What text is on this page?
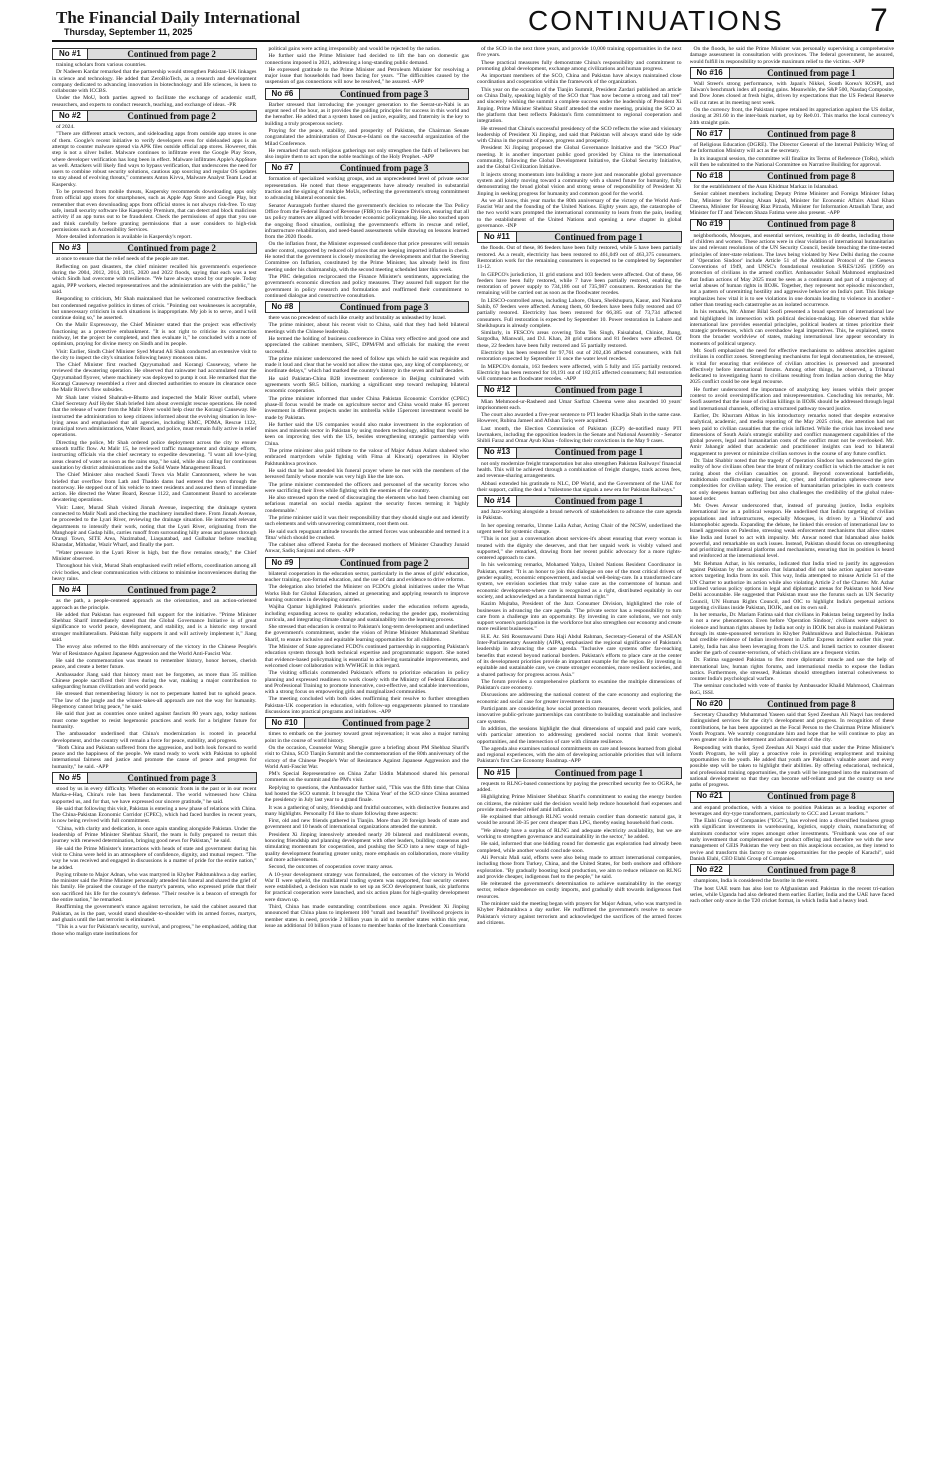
The Financial Daily International
Thursday, September 11, 2025	CONTINUATIONS	7
No #1	Continued from page 2

training scholars from various countries.

Dr Nadeem Kardar remarked that the partnership would strengthen Pakistan-UK linkages in science and technology. He added that ZeroBioTech, as a research and development company dedicated to advancing innovation in biotechnology and life sciences, is keen to collaborate with ICCBS.

Under the MoU, both parties agreed to facilitate the exchange of academic staff, researchers, and experts to conduct research, teaching, and exchange of ideas. -PR

No #2	Continued from page 2

of 2024.

"There are different attack vectors, and sideloading apps from outside app stores is one of them. Google's recent initiative to verify developers even for sideloaded apps is an attempt to counter malware spread via APK files outside official app stores. However, this step is not a silver bullet. Malware continues to infiltrate even the Google Play Store, where developer verification has long been in effect. Malware infiltrates Apple's AppStore as well. Attackers will likely find ways to bypass verification, that underscores the need for users to combine robust security solutions, cautious app sourcing and regular OS updates to stay ahead of evolving threats," comments Anton Kivva, Malware Analyst Team Lead at Kaspersky.

To be protected from mobile threats, Kaspersky recommends downloading apps only from official app stores for smartphones, such as Apple App Store and Google Play, but remember that even downloading apps from official stores is not always risk-free. To stay safe, install security software like Kaspersky Premium, that can detect and block malicious activity if an app turns out to be fraudulent. Check the permissions of apps that you use and think carefully before granting permissions that a user considers to high-risk permissions such as Accessibility Services.

More detailed information is available in Kaspersky's report.

No #3	Continued from page 2

at once to ensure that the relief needs of the people are met.

Reflecting on past disasters, the chief minister recalled his government's experience during the 2004, 2012, 2014, 2015, 2020 and 2022 floods, saying that each was a test which Sindh had overcome with resilience. "We have always stood by our people. Today again, PPP workers, elected representatives and the administration are with the public," he said.

Responding to criticism, Mr Shah maintained that he welcomed constructive feedback but condemned negative politics in times of crisis. "Pointing out weaknesses is acceptable, but unnecessary criticism in such situations is inappropriate. My job is to serve, and I will continue doing so," he asserted.

On the Malir Expressway, the Chief Minister stated that the project was effectively functioning as a protective embankment. "It is not right to criticise its construction midway, let the project be completed, and then evaluate it," he concluded with a note of optimism, praying for divine mercy on Sindh and its people.

Visit: Earlier, Sindh Chief Minister Syed Murad Ali Shah conducted an extensive visit to the city to inspect the city's situation following heavy monsoon rains.

The Chief Minister first reached Qayyumabad and Korangi Causeway, where he reviewed the dewatering operation. He observed that rainwater had accumulated near the Qayyumabad flyover, where machinery was deployed to pump it out. He remarked that the Korangi Causeway resembled a river and directed authorities to ensure its clearance once the Malir River's flow subsides.

Mr Shah later visited Shahrah-e-Bhutto and inspected the Malir River outfall, where Chief Secretary Asif Hyder Shah briefed him about overnight rescue operations. He noted that the release of water from the Malir River would help clear the Korangi Causeway. He instructed the administration to keep citizens informed about the evolving situation in low-lying areas and emphasised that all agencies, including KMC, PDMA, Rescue 1122, municipal town administrations, Water Board, and police, must remain fully active in relief operations.

Directing the police, Mr Shah ordered police deployment across the city to ensure smooth traffic flow. At Malir 15, he reviewed traffic management and drainage efforts, instructing officials via the chief secretary to expedite dewatering. "I want all low-lying areas cleared of water as soon as the rains stop," he said, while also calling for continuous sanitation by district administrations and the Solid Waste Management Board.

The Chief Minister also reached Saudi Town via Malir Cantonment, where he was briefed that overflow from Lath and Thaddo dams had entered the town through the motorway. He stepped out of his vehicle to meet residents and assured them of immediate action. He directed the Water Board, Rescue 1122, and Cantonment Board to accelerate dewatering operations.

Visit: Later, Murad Shah visited Jinnah Avenue, inspecting the drainage system connected to Malir Nadi and checking the machinery installed there. From Jinnah Avenue, he proceeded to the Lyari River, reviewing the drainage situation. He instructed relevant departments to intensify their work, noting that the Lyari River, originating from the Manghopir and Gadap hills, carries runoff from surrounding hilly areas and passes through Orangi Town, SITE Area, Nazimabad, Liaquatabad, and Gulbahar before reaching Kharadar, Mithadar, Wazir Wharf, and finally the port.

"Water pressure in the Lyari River is high, but the flow remains steady," the Chief Minister observed.

Throughout his visit, Murad Shah emphasised swift relief efforts, coordination among all civic bodies, and clear communication with citizens to minimise inconveniences during the heavy rains.

No #4	Continued from page 2

as the path, a people-centered approach as the orientation, and an action-oriented approach as the principle.

He added that Pakistan has expressed full support for the initiative. "Prime Minister Shehbaz Sharif immediately stated that the Global Governance Initiative is of great significance to world peace, development, and stability, and is a historic step toward stronger multilateralism. Pakistan fully supports it and will actively implement it," Jiang said.

The envoy also referred to the 80th anniversary of the victory in the Chinese People's War of Resistance Against Japanese Aggression and the World Anti-Fascist War.

He said the commemoration was meant to remember history, honor heroes, cherish peace, and create a better future.

Ambassador Jiang said that history must not be forgotten, as more than 35 million Chinese people sacrificed their lives during the war, making a major contribution to safeguarding human civilization and world peace.

He stressed that remembering history is not to perpetuate hatred but to uphold peace. "The law of the jungle and the winner-takes-all approach are not the way for humanity. Hegemony cannot bring peace," he said.

He said that just as countries once united against fascism 80 years ago, today nations must come together to resist hegemonic practices and work for a brighter future for humanity.

The ambassador underlined that China's modernization is rooted in peaceful development, and the country will remain a force for peace, stability, and progress.

"Both China and Pakistan suffered from the aggression, and both look forward to world peace and the happiness of the people. We stand ready to work with Pakistan to uphold international fairness and justice and promote the cause of peace and progress for humanity," he said. -APP

No #5	Continued from page 3

stood by us in every difficulty. Whether on economic fronts in the past or in our recent Marka-e-Haq, China's role has been fundamental. The world witnessed how China supported us, and for that, we have expressed our sincere gratitude," he said.

He said that following this visit, Pakistan is entering a new phase of relations with China. The China-Pakistan Economic Corridor (CPEC), which had faced hurdles in recent years, is now being revived with full commitment.

"China, with clarity and dedication, is once again standing alongside Pakistan. Under the leadership of Prime Minister Shehbaz Sharif, the team is fully prepared to restart this journey with renewed determination, bringing good news for Pakistan," he said.

He said the Prime Minister's interactions with heads of state and government during his visit to China were held in an atmosphere of confidence, dignity, and mutual respect. "The way he was received and engaged in discussions is a matter of pride for the entire nation," he added.

Paying tribute to Major Adnan, who was martyred in Khyber Pakhtunkhwa a day earlier, the minister said the Prime Minister personally attended his funeral and shared the grief of his family. He praised the courage of the martyr's parents, who expressed pride that their son sacrificed his life for the country's defense. "Their resolve is a beacon of strength for the entire nation," he remarked.

Reaffirming the government's stance against terrorism, he said the cabinet assured that Pakistan, as in the past, would stand shoulder-to-shoulder with its armed forces, martyrs, and ghazis until the last terrorist is eliminated.

"This is a war for Pakistan's security, survival, and progress," he emphasized, adding that those who malign state institutions for

political gains were acting irresponsibly and would be rejected by the nation.

He further said the Prime Minister had decided to lift the ban on domestic gas connections imposed in 2021, addressing a long-standing public demand.

He expressed gratitude to the Prime Minister and Petroleum Minister for resolving a major issue that households had been facing for years. "The difficulties caused by the suspension of gas connections will now be resolved," he assured. -APP

No #6	Continued from page 3

Barber stressed that introducing the younger generation to the Seerat-un-Nabi is an urgent need of the hour, as it provides the guiding principles for success in this world and the hereafter. He added that a system based on justice, equality, and fraternity is the key to building a truly prosperous society.

Praying for the peace, stability, and prosperity of Pakistan, the Chairman Senate congratulated the administration of Dawat-e-Islami on the successful organization of the Milad Conference.

He remarked that such religious gatherings not only strengthen the faith of believers but also inspire them to act upon the noble teachings of the Holy Prophet. -APP

No #7	Continued from page 3

formation of specialized working groups, and an unprecedented level of private sector representation. He noted that these engagements have already resulted in substantial traction and the signing of multiple MoUs, reflecting the government's strong commitment to advancing bilateral economic ties.

Senator Aurangzeb further shared the government's decision to relocate the Tax Policy Office from the Federal Board of Revenue (FBR) to the Finance Division, ensuring that all tax policy matters are aligned with broader economic policymaking. He also touched upon the ongoing flood situation, outlining the government's efforts in rescue and relief, infrastructure rehabilitation, and need-based assessments while drawing on lessons learned from the 2020 floods.

On the inflation front, the Minister expressed confidence that price pressures will remain under control, supported by reduced oil prices that are keeping imported inflation in check. He noted that the government is closely monitoring the developments and that the Steering Committee on Inflation, constituted by the Prime Minister, has already held its first meeting under his chairmanship, with the second meeting scheduled later this week.

The PBC delegation reciprocated the Finance Minister's sentiments, appreciating the government's economic direction and policy measures. They assured full support for the government in policy research and formulation and reaffirmed their commitment to continued dialogue and constructive consultation.

No #8	Continued from page 3

there was no precedent of such like cruelty and brutality as unleashed by Israel.

The prime minister, about his recent visit to China, said that they had held bilateral meetings with the Chinese leadership.

He termed the holding of business conference in China very effective and good one and appreciated the cabinet members, SIFC, DPM/FM and officials for making the event successful.

The prime minister underscored the need of follow ups which he said was requisite and made it loud and clear that he would not allow the status quo, any king of complacency, or inordinate delays," which had marked the country's history in the seven and half decades.

He said Pakistan-China B2B investment conference in Beijing culminated with agreements worth $8.5 billion, marking a significant step toward reshaping bilateral economic cooperation.

The prime minister informed that under China Pakistan Economic Corridor (CPEC) phase-II focus would be made on agriculture sector and China would make 85 percent investment in different projects under its umbrella while 15percent investment would be made by Pakistan.

He further said the US companies would also make investment in the exploration of mines and minerals sector in Pakistan by using modern technology, adding that they were keen on improving ties with the US, besides strengthening strategic partnership with China.

The prime minister also paid tribute to the valour of Major Adnan Aslam shaheed who embraced martyrdom while fighting with Fitna al Khwarij operatives in Khyber Pakhtunkhwa province.

He said that he had attended his funeral prayer where he met with the members of the bereaved family whose morale was very high like the late son.

The prime minister commended the officers and personnel of the security forces who were sacrificing their lives while fighting with the enemies of the country.

He also stressed upon the need of discouraging the elements who had been churning out nefarious material on social media against the security forces terming it 'highly condemnable.'

The prime minister said it was their responsibility that they should single out and identify such elements and with unwavering commitment, root them out.

He said such repugnant attitude towards the armed forces was unbearable and termed it a 'fitna' which should be crushed.

The cabinet also offered Fateha for the deceased mothers of Minister Chaudhry Junaid Anwar, Sadiq Sanjrani and others. -APP

No #9	Continued from page 2

bilateral cooperation in the education sector, particularly in the areas of girls' education, teacher training, non-formal education, and the use of data and evidence to drive reforms.

The delegation also briefed the Minister on FCDO's global initiatives under the What Works Hub for Global Education, aimed at generating and applying research to improve learning outcomes in developing countries.

Wajiha Qamar highlighted Pakistan's priorities under the education reform agenda, including expanding access to quality education, reducing the gender gap, modernizing curricula, and integrating climate change and sustainability into the learning process.

She stressed that education is central to Pakistan's long-term development and underlined the government's commitment, under the vision of Prime Minister Muhammad Shehbaz Sharif, to ensure inclusive and equitable learning opportunities for all children.

The Minister of State appreciated FCDO's continued partnership in supporting Pakistan's education system through both technical expertise and programmatic support. She noted that evidence-based policymaking is essential to achieving sustainable improvements, and welcomed closer collaboration with WWHGE in this regard.

The visiting officials commended Pakistan's efforts to prioritize education in policy planning and expressed readiness to work closely with the Ministry of Federal Education and Professional Training to promote innovative, cost-effective, and scalable interventions, with a strong focus on empowering girls and marginalized communities.

The meeting concluded with both sides reaffirming their resolve to further strengthen Pakistan-UK cooperation in education, with follow-up engagements planned to translate discussions into practical programs and initiatives. -APP

No #10	Continued from page 2

times to embark on the journey toward great rejuvenation; it was also a major turning point in the course of world history.

On the occasion, Counselor Wang Shengjie gave a briefing about PM Shehbaz Sharif's visit to China, SCO Tianjin Summit and the commemoration of the 80th anniversary of the victory of the Chinese People's War of Resistance Against Japanese Aggression and the World Anti-Fascist War.

PM's Special Representative on China Zafar Uddin Mahmood shared his personal comments on the summit and the PM's visit.

Replying to questions, the Ambassador further said, "This was the fifth time that China had hosted the SCO summit. It brought the 'China Year' of the SCO since China assumed the presidency in July last year to a grand finale.

It was a gathering of unity, friendship and fruitful outcomes, with distinctive features and many highlights. Personally I'd like to share following three aspects:

First, old and new friends gathered in Tianjin. More than 20 foreign heads of state and government and 10 heads of international organizations attended the summit.

President Xi Jinping intensively attended nearly 20 bilateral and multilateral events, honoring friendship and planning development with other leaders, building consensus and stimulating momentum for cooperation, and pushing the SCO into a new stage of high-quality development featuring greater unity, more emphasis on collaboration, more vitality and more achievements.

Second, the outcomes of cooperation cover many areas.

A 10-year development strategy was formulated, the outcomes of the victory in World War II were upheld, the multilateral trading system was supported, four security centers were established, a decision was made to set up an SCO development bank, six platforms for practical cooperation were launched, and six action plans for high-quality development were drawn up.

Third, China has made outstanding contributions once again. President Xi Jinping announced that China plans to implement 100 "small and beautiful" livelihood projects in member states in need, provide 2 billion yuan in aid to member states within this year, issue an additional 10 billion yuan of loans to member banks of the Interbank Consortium

of the SCO in the next three years, and provide 10,000 training opportunities in the next five years.

These practical measures fully demonstrate China's responsibility and commitment to promoting global development, exchange among civilizations and human progress.

As important members of the SCO, China and Pakistan have always maintained close coordination and cooperation within the framework of the organization.

This year on the occasion of the Tianjin Summit, President Zardari published an article on China Daily, speaking highly of the SCO that "has now become a strong and tall tree" and sincerely wishing the summit a complete success under the leadership of President Xi Jinping. Prime Minister Shehbaz Sharif attended the entire meeting, praising the SCO as the platform that best reflects Pakistan's firm commitment to regional cooperation and integration.

He stressed that China's successful presidency of the SCO reflects the wise and visionary leadership of President Xi Jinping, and said that Pakistan will always stand side by side with China in the pursuit of peace, progress and prosperity.

President Xi Jinping proposed the Global Governance Initiative and the "SCO Plus" meeting. It is another important public good provided by China to the international community, following the Global Development Initiative, the Global Security Initiative, and the Global Civilization Initiative.

It injects strong momentum into building a more just and reasonable global governance system and jointly moving toward a community with a shared future for humanity, fully demonstrating the broad global vision and strong sense of responsibility of President Xi Jinping in seeking progress for humanity and common good for the world.

As we all know, this year marks the 80th anniversary of the victory of the World Anti-Fascist War and the founding of the United Nations. Eighty years ago, the catastrophe of the two world wars prompted the international community to learn from the pain, leading to the establishment of the United Nations and opening a new chapter in global governance. -INP

No #11	Continued from page 1

the floods. Out of these, 86 feeders have been fully restored, while 5 have been partially restored. As a result, electricity has been restored to 461,049 out of 463,375 consumers. Restoration work for the remaining consumers is expected to be completed by September 11-12.

In GEPCO's jurisdiction, 11 grid stations and 103 feeders were affected. Out of these, 96 feeders have been fully restored, while 7 have been partially restored, enabling the restoration of power supply to 734,186 out of 735,987 consumers. Restoration for the remaining will be carried out as soon as the floodwater recedes.

In LESCO-controlled areas, including Lahore, Okara, Sheikhupura, Kasur, and Nankana Sahib, 67 feeders were affected. Among them, 60 feeders have been fully restored and 07 partially restored. Electricity has been restored for 66,385 out of 73,734 affected consumers. Full restoration is expected by September 10. Power restoration in Lahore and Sheikhupura is already complete.

Similarly, in FESCO's areas covering Toba Tek Singh, Faisalabad, Chiniot, Jhang, Sargodha, Mianwali, and D.I. Khan, 28 grid stations and 81 feeders were affected. Of these, 22 feeders have been fully restored and 55 partially restored.

Electricity has been restored for 97,761 out of 202,436 affected consumers, with full restoration expected by September 11 once the water level recedes.

In MEPCO's domain, 163 feeders were affected, with 5 fully and 155 partially restored. Electricity has been restored for 18,191 out of 182,815 affected consumers; full restoration will commence as floodwater recedes. -APP

No #12	Continued from page 1

Mian Mehmood-ur-Rasheed and Umar Sarfraz Cheema were also awarded 10 years' imprisonment each.

The court also awarded a five-year sentence to PTI leader Khadija Shah in the same case. However, Rubina Jameel and Afshan Tariq were acquitted.

Last month, the Election Commission of Pakistan (ECP) de-notified many PTI lawmakers, including the opposition leaders in the Senate and National Assembly - Senator Shibli Faraz and Omar Ayub Khan - following their convictions in the May 9 cases.

No #13	Continued from page 1

not only modernize freight transportation but also strengthen Pakistan Railways' financial health. This will be achieved through a combination of freight charges, track access fees, and revenue-sharing arrangements.

Abbasi extended his gratitude to NLC, DP World, and the Government of the UAE for their support, calling the deal a "milestone that signals a new era for Pakistan Railways."

No #14	Continued from page 1

and Jazz-working alongside a broad network of stakeholders to advance the care agenda in Pakistan.

In her opening remarks, Umme Laila Azhar, Acting Chair of the NCSW, underlined the urgent need for systemic change.

"This is not just a conversation about services-it's about ensuring that every woman is treated with the dignity she deserves, and that her unpaid work is visibly valued and supported," she remarked, drawing from her recent public advocacy for a more rights-centered approach to care.

In his welcoming remarks, Mohamed Yahya, United Nations Resident Coordinator in Pakistan, stated: "It is an honor to join this dialogue on one of the most critical drivers of gender equality, economic empowerment, and social well-being-care. In a transformed care system, we envision societies that truly value care as the cornerstone of human and economic development-where care is recognized as a right, distributed equitably in our society, and acknowledged as a fundamental human right."

Kazim Mujtaba, President of the Jazz Consumer Division, highlighted the role of businesses in advancing the care agenda. "The private sector has a responsibility to turn care from a challenge into an opportunity. By investing in care solutions, we not only support women's participation in the workforce but also strengthen our economy and create more resilient businesses."

H.E. Ar. Siti Rossmawarni Dato Haji Abdul Rahman, Secretary-General of the ASEAN Inter-Parliamentary Assembly (AIPA), emphasized the regional significance of Pakistan's leadership in advancing the care agenda. "Inclusive care systems offer far-reaching benefits that extend beyond national borders. Pakistan's efforts to place care at the center of its development priorities provide an important example for the region. By investing in equitable and sustainable care, we create stronger economies, more resilient societies, and a shared pathway for progress across Asia."

The forum provides a comprehensive platform to examine the multiple dimensions of Pakistan's care economy.

Discussions are addressing the national context of the care economy and exploring the economic and social case for greater investment in care.

Participants are considering how social protection measures, decent work policies, and innovative public-private partnerships can contribute to building sustainable and inclusive care systems.

In addition, the sessions highlight the dual dimensions of unpaid and paid care work, with particular attention to addressing gendered social norms that limit women's opportunities, and the intersection of care with climate resilience.

The agenda also examines national commitments on care and lessons learned from global and regional experiences, with the aim of developing actionable priorities that will inform Pakistan's first Care Economy Roadmap.-APP

No #15	Continued from page 1

requests to RLNG-based connections by paying the prescribed security fee to OGRA, he added.

Highlighting Prime Minister Shehbaz Sharif's commitment to easing the energy burden on citizens, the minister said the decision would help reduce household fuel expenses and provide much-needed relief amid inflation.

He explained that although RLNG would remain costlier than domestic natural gas, it would be around 30-35 per cent cheaper than LPG, thereby easing household fuel costs.

"We already have a surplus of RLNG and adequate electricity availability, but we are working to strengthen governance and sustainability in the sector," he added.

He said, informed that one bidding round for domestic gas exploration had already been completed, while another would conclude soon.

Ali Pervaiz Mali said, efforts were also being made to attract international companies, including those from Turkey, China, and the United States, for both onshore and offshore exploration. "By gradually boosting local production, we aim to reduce reliance on RLNG and provide cheaper, indigenous fuel to the people," he said.

He reiterated the government's determination to achieve sustainability in the energy sector, reduce dependence on costly imports, and gradually shift towards indigenous fuel resources.

The minister said the meeting began with prayers for Major Adnan, who was martyred in Khyber Pakhtunkhwa a day earlier. He reaffirmed the government's resolve to secure Pakistan's victory against terrorism and acknowledged the sacrifices of the armed forces and citizens.

On the floods, he said the Prime Minister was personally supervising a comprehensive damage assessment in consultation with provinces. The federal government, he assured, would fulfill its responsibility to provide maximum relief to the victims. -APP

No #16	Continued from page 1

Wall Street's strong performance, with Japan's Nikkei, South Korea's KOSPI, and Taiwan's benchmark index all posting gains. Meanwhile, the S&P 500, Nasdaq Composite, and Dow Jones closed at fresh highs, driven by expectations that the US Federal Reserve will cut rates at its meeting next week.

On the currency front, the Pakistani rupee retained its appreciation against the US dollar, closing at 281.60 in the inter-bank market, up by Re0.01. This marks the local currency's 24th straight gain.

No #17	Continued from page 8

of Religious Education (DGRE). The Director General of the Internal Publicity Wing of the Information Ministry will act as the secretary.

In its inaugural session, the committee will finalize its Terms of Reference (ToRs), which will then be submitted to the National Committee on Narrative Building for approval.

No #18	Continued from page 8

for the establishment of the Asan Khidmat Markaz in Islamabad.

Senior cabinet members including Deputy Prime Minister and Foreign Minister Ishaq Dar, Minister for Planning Ahsan Iqbal, Minister for Economic Affairs Ahad Khan Cheema, Minister for Housing Riaz Pirzada, Minister for Information Attaullah Tarar, and Minister for IT and Telecom Shaza Fatima were also present. -APP

No #19	Continued from page 8

neighborhoods, Mosques, and essential services, resulting in 40 deaths, including those of children and women. These actions were in clear violation of international humanitarian law and relevant resolutions of the UN Security Council, beside breaching the time-tested principles of inter-state relations. The laws being violated by New Delhi during the course of 'Operation Sindoor' include Article 51 of the Additional Protocol of the Geneva Conventions of 1949, and UNSC's foundational resolution S/RES/1265 (1999) on protection of civilians in the armed conflict. Ambassador Sohail Mahmood emphasized that Indian actions of May 2025 must be seen as a continuum and part of a trajectory of serial abuses of human rights in IIOJK. Together, they represent not episodic misconduct, but a pattern of unremitting hostility and aggressive behavior on India's part. This linkage emphasizes how vital it is to see violations in one domain leading to violence in another - rather than treating each catastrophe as an isolated occurrence.

In his remarks, Mr. Ahmer Bilal Soofi presented a broad spectrum of international law and highlighted its intersection with political decision-making. He observed that while international law provides essential principles, political leaders at times prioritize their strategic preferences, which can overshadow legal imperatives. This, he explained, stems from the broader worldview of states, making international law appear secondary in moments of political urgency.

Mr. Soofi emphasized the need for effective mechanisms to address atrocities against civilians in conflict zones. Strengthening mechanisms for legal documentation, he stressed, is vital for ensuring that evidence of civilian atrocities is preserved and presented effectively before international forums. Among other things, he observed, a Tribunal dedicated to investigating harm to civilians resulting from Indian action during the May 2025 conflict could be one legal recourse.

He further underscored the importance of analyzing key issues within their proper context to avoid oversimplification and misrepresentation. Concluding his remarks, Mr. Soofi asserted that the issue of civilian killings in IIOJK should be addressed through legal and international channels, offering a structured pathway toward justice.

Earlier, Dr. Khurram Abbas in his introductory remarks noted that despite extensive analytical, academic, and media reporting of the May 2025 crisis, due attention had not been paid to civilian casualties that the crisis inflicted. While the crisis has invoked new dimensions of South Asia's strategic stability and conflict management capabilities of the global powers, legal and humanitarian costs of the conflict must not be overlooked. Mr. Amir Jahangir added that academic and practitioner insights can lead to bilateral engagement to prevent or minimize civilian sorrows in the course of any future conflict.

Dr. Talat Shabbir noted that the tragedy of Operation Sindoor has underscored the grim reality of how civilians often bear the brunt of military conflict in which the attacker is not caring about the civilian casualties on ground. Beyond conventional battlefields, multidomain conflicts-spanning land, air, cyber, and information spheres-create new complexities for civilian safety. The erosion of humanitarian principles in such contexts not only deepens human suffering but also challenges the credibility of the global rules-based order.

Mr. Owes Anwar underscored that, instead of pursuing justice, India exploits international law as a political weapon. He underlined that India's targeting of civilian populations and infrastructures, especially Mosques, is driven by a 'Hindutva' and Islamophobic agenda. Expanding the debate, he linked this erosion of international law to Israeli aggression on Palestine, stressing weak enforcement mechanisms that allow states like India and Israel to act with impunity. Mr. Anwar noted that Islamabad also holds powerful, and remarkable on such issues. Instead, Pakistan should focus on strengthening and prioritizing multilateral platforms and mechanisms, ensuring that its position is heard and reinforced at the international level.

Mr. Rehman Azhar, in his remarks, indicated that India tried to justify its aggression against Pakistan by the accusation that Islamabad did not take action against non-state actors targeting India from its soil. This way, India attempted to misuse Article 51 of the UN Charter to authorize its action while also violating Article 2 of the Charter. Mr. Azhar outlined various policy options in legal and diplomatic arenas for Pakistan to hold New Delhi accountable. He suggested that Pakistan must use the forums such as UN Security Council, UN Human Rights Council, and OIC to highlight India's perpetual actions targeting civilians inside Pakistan, IIOJK, and on its own soil.

In her remarks, Dr. Mariam Fatima said that civilians in Pakistan being targeted by India is not a new phenomenon. Even before 'Operation Sindoor,' civilians were subject to violence and human rights abuses by India not only in IIOJK but also in mainland Pakistan through its state-sponsored terrorism in Khyber Pakhtunkhwa and Balochistan. Pakistan had credible evidence of Indian involvement in Jaffar Express incident earlier this year. Lately, India has also been leveraging from the U.S. and Israeli tactics to counter dissent under the garb of counter-terrorism, of which civilians are a frequent victim.

Dr. Fatima suggested Pakistan to flex more diplomatic muscle and use the help of international law, human rights forums, and international media to expose the Indian tactics. Furthermore, she stressed, Pakistan should strengthen internal cohesiveness to counter India's psychological warfare.

The seminar concluded with vote of thanks by Ambassador Khalid Mahmood, Chairman BoG, ISSI.

No #20	Continued from page 8

Secretary Chaudhry Muhammad Yaseen said that Syed Zeeshan Ali Naqvi has rendered distinguished services for the city's development and progress. In recognition of these contributions, he has been appointed as the Focal Person to the Chairman Prime Minister's Youth Program. We warmly congratulate him and hope that he will continue to play an even greater role in the betterment and advancement of the city.

Responding with thanks, Syed Zeeshan Ali Naqvi said that under the Prime Minister's Youth Program, he will play a proactive role in providing employment and training opportunities to the youth. He added that youth are Pakistan's valuable asset and every possible step will be taken to highlight their abilities. By offering educational, technical, and professional training opportunities, the youth will be integrated into the mainstream of national development so that they can become self-reliant and put the country on new paths of progress.

No #21	Continued from page 8

and expand production, with a vision to position Pakistan as a leading exporter of beverages and dry-type transformers, particularly to GCC and Levant markets."

The Elahi Group of Companies ("EGC"), has evolved into a diversified business group with significant investments in warehousing, logistics, supply chain, manufacturing of aluminum conductor wire ropes amongst other investments. "Fruitbank was one of our early investment that complemented our product offering and therefore we with the new management of GEIS Pakistan the very best on this auspicious occasion, as they intend to revive and transform this factory to create opportunities for the people of Karachi", said Danish Elahi, CEO Elahi Group of Companies.

No #22	Continued from page 8

champions, India is considered the favorite in the event.

The host UAE team has also lost to Afghanistan and Pakistan in the recent tri-nation series, while Uganda had also defeated them earlier. Earlier, India and the UAE have faced each other only once in the T20 cricket format, in which India had a heavy lead.
